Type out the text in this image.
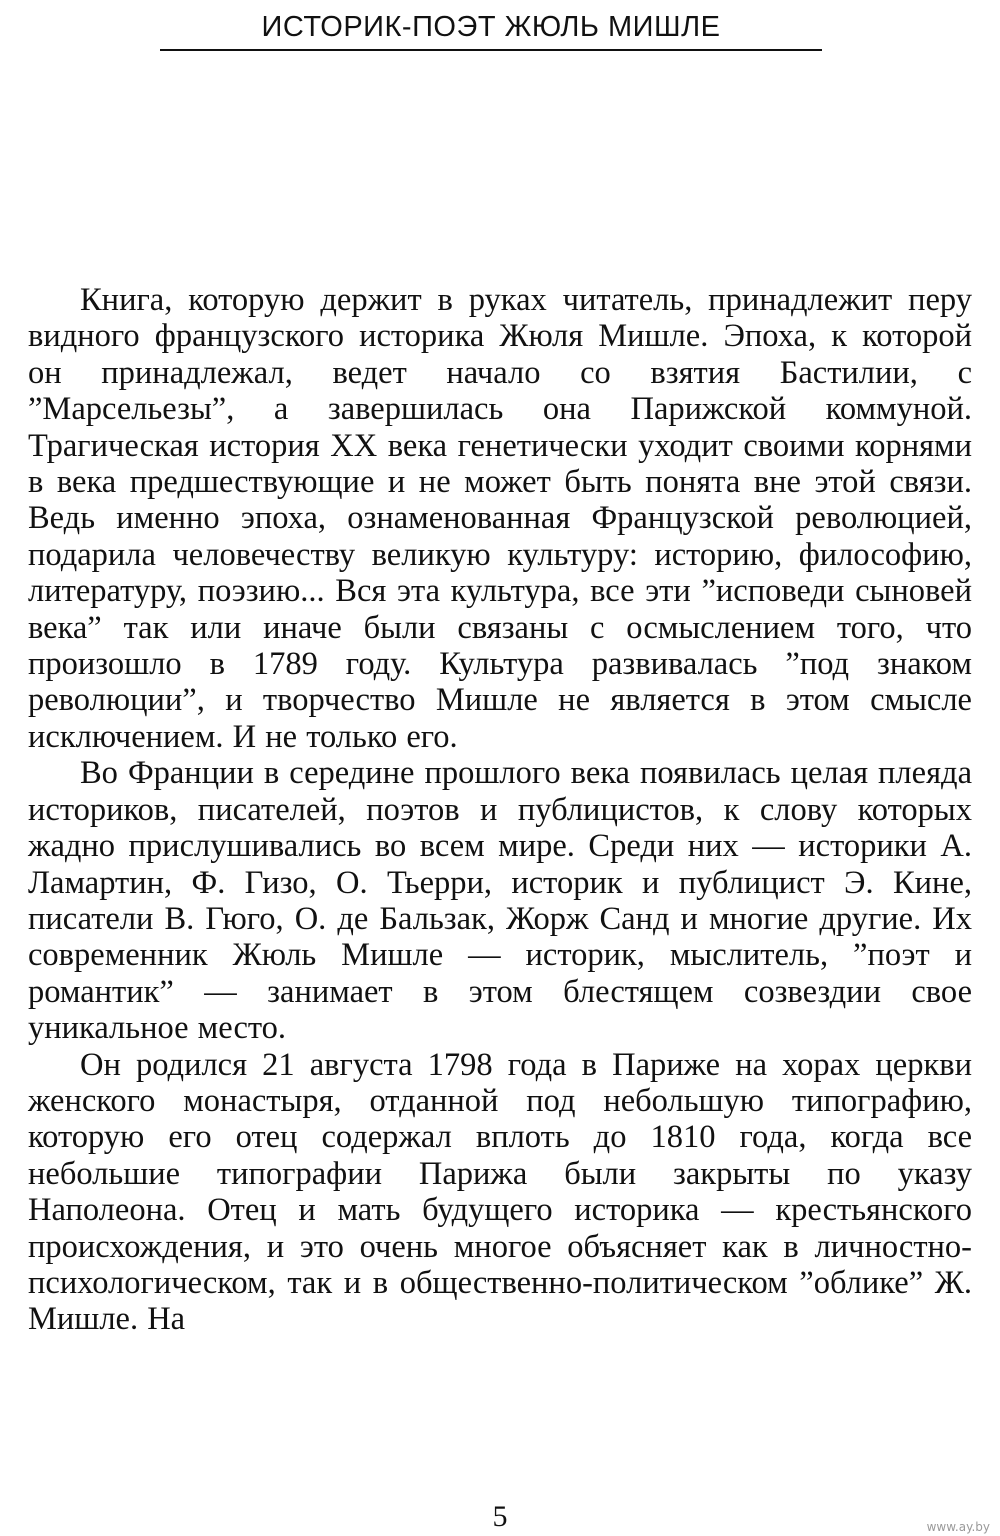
ИСТОРИК-ПОЭТ ЖЮЛЬ МИШЛЕ

Книга, которую держит в руках читатель, принадлежит перу видного французского историка Жюля Мишле. Эпоха, к которой он принадлежал, ведет начало со взятия Бастилии, с ”Марсельезы”, а завершилась она Парижской коммуной. Трагическая история XX века генетически уходит своими корнями в века предшествующие и не может быть понята вне этой связи. Ведь именно эпоха, ознаменованная Французской революцией, подарила человечеству великую культуру: историю, философию, литературу, поэзию... Вся эта культура, все эти ”исповеди сыновей века” так или иначе были связаны с осмыслением того, что произошло в 1789 году. Культура развивалась ”под знаком революции”, и творчество Мишле не является в этом смысле исключением. И не только его.

Во Франции в середине прошлого века появилась целая плеяда историков, писателей, поэтов и публицистов, к слову которых жадно прислушивались во всем мире. Среди них — историки А. Ламартин, Ф. Гизо, О. Тьерри, историк и публицист Э. Кине, писатели В. Гюго, О. де Бальзак, Жорж Санд и многие другие. Их современник Жюль Мишле — историк, мыслитель, ”поэт и романтик” — занимает в этом блестящем созвездии свое уникальное место.

Он родился 21 августа 1798 года в Париже на хорах церкви женского монастыря, отданной под небольшую типографию, которую его отец содержал вплоть до 1810 года, когда все небольшие типографии Парижа были закрыты по указу Наполеона. Отец и мать будущего историка — крестьянского происхождения, и это очень многое объясняет как в личностно-психологическом, так и в общественно-политическом ”облике” Ж. Мишле. На

5	www.ay.by
